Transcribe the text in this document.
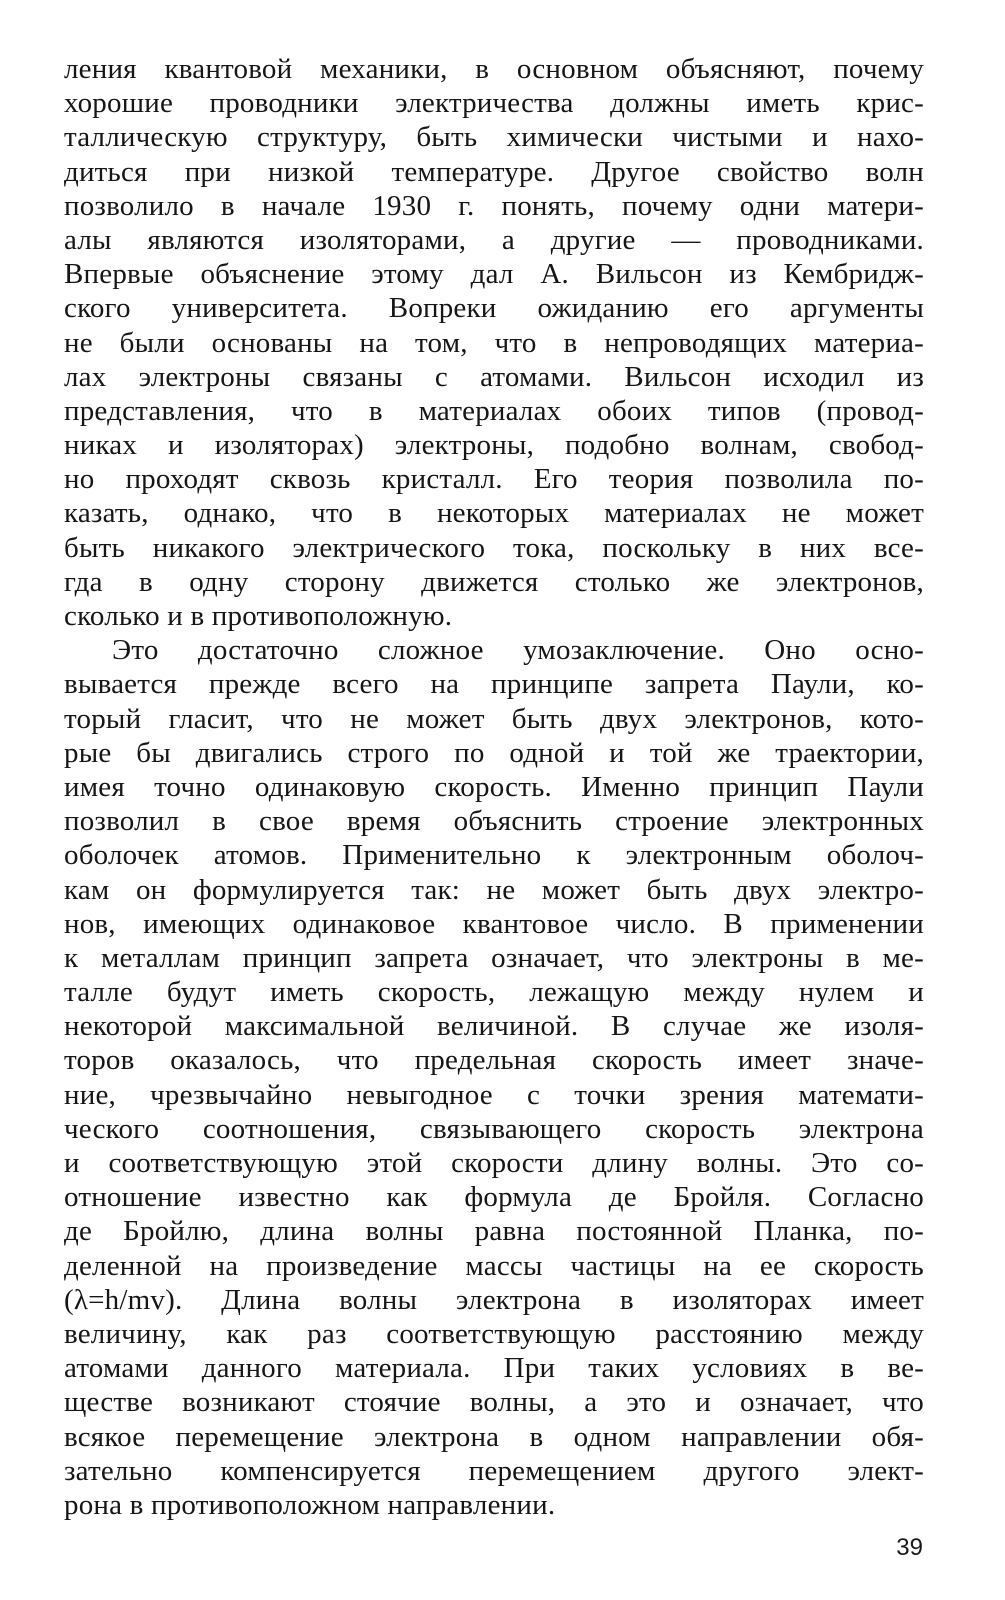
ления квантовой механики, в основном объясняют, почему
хорошие проводники электричества должны иметь крис-
таллическую структуру, быть химически чистыми и нахо-
диться при низкой температуре. Другое свойство волн
позволило в начале 1930 г. понять, почему одни матери-
алы являются изоляторами, а другие — проводниками.
Впервые объяснение этому дал А. Вильсон из Кембридж-
ского университета. Вопреки ожиданию его аргументы
не были основаны на том, что в непроводящих материа-
лах электроны связаны с атомами. Вильсон исходил из
представления, что в материалах обоих типов (провод-
никах и изоляторах) электроны, подобно волнам, свобод-
но проходят сквозь кристалл. Его теория позволила по-
казать, однако, что в некоторых материалах не может
быть никакого электрического тока, поскольку в них все-
гда в одну сторону движется столько же электронов,
сколько и в противоположную.
Это достаточно сложное умозаключение. Оно осно-
вывается прежде всего на принципе запрета Паули, ко-
торый гласит, что не может быть двух электронов, кото-
рые бы двигались строго по одной и той же траектории,
имея точно одинаковую скорость. Именно принцип Паули
позволил в свое время объяснить строение электронных
оболочек атомов. Применительно к электронным оболоч-
кам он формулируется так: не может быть двух электро-
нов, имеющих одинаковое квантовое число. В применении
к металлам принцип запрета означает, что электроны в ме-
талле будут иметь скорость, лежащую между нулем и
некоторой максимальной величиной. В случае же изоля-
торов оказалось, что предельная скорость имеет значе-
ние, чрезвычайно невыгодное с точки зрения математи-
ческого соотношения, связывающего скорость электрона
и соответствующую этой скорости длину волны. Это со-
отношение известно как формула де Бройля. Согласно
де Бройлю, длина волны равна постоянной Планка, по-
деленной на произведение массы частицы на ее скорость
(λ=h/mv). Длина волны электрона в изоляторах имеет
величину, как раз соответствующую расстоянию между
атомами данного материала. При таких условиях в ве-
ществе возникают стоячие волны, а это и означает, что
всякое перемещение электрона в одном направлении обя-
зательно компенсируется перемещением другого элект-
рона в противоположном направлении.
39
